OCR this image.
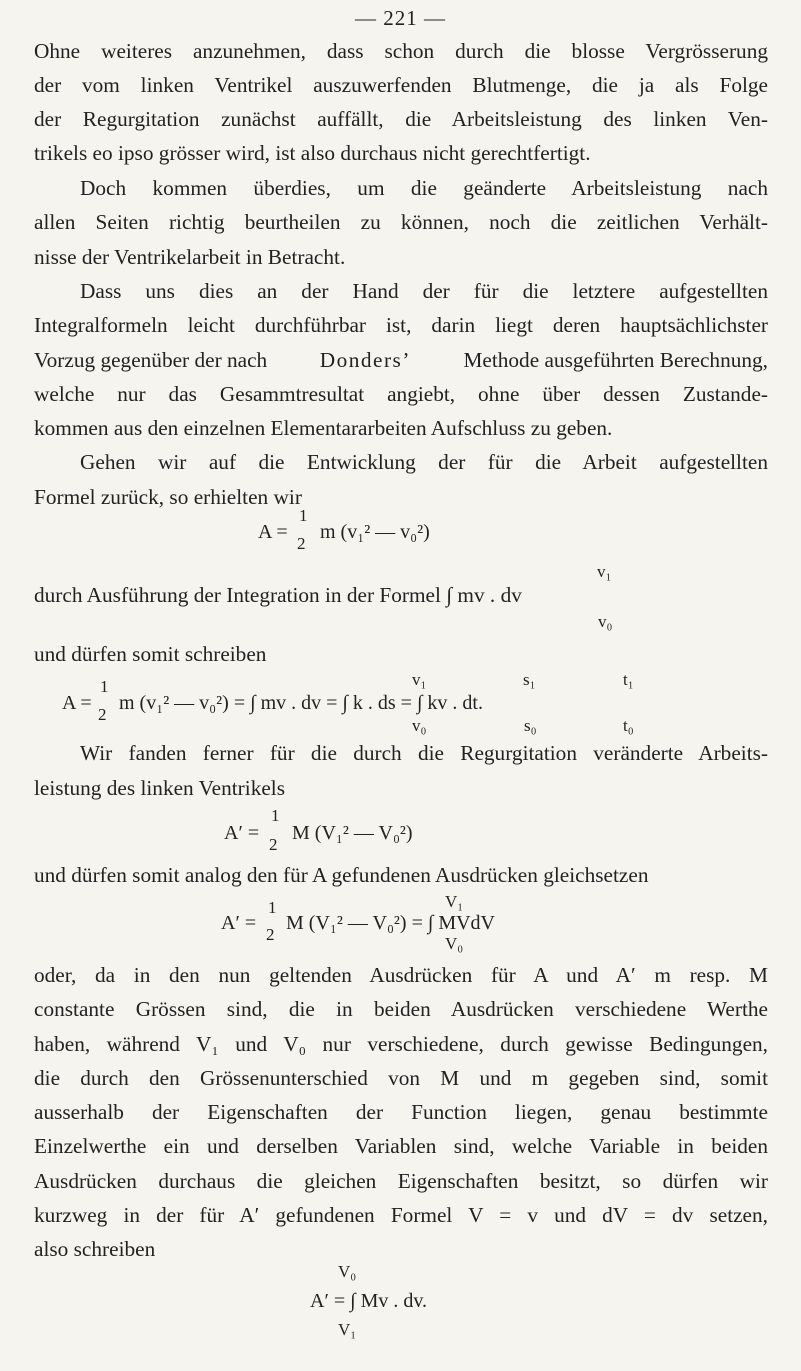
— 221 —
Ohne weiteres anzunehmen, dass schon durch die blosse Vergrösserung
der vom linken Ventrikel auszuwerfenden Blutmenge, die ja als Folge
der Regurgitation zunächst auffällt, die Arbeitsleistung des linken Ven-
trikels eo ipso grösser wird, ist also durchaus nicht gerechtfertigt.
Doch kommen überdies, um die geänderte Arbeitsleistung nach
allen Seiten richtig beurtheilen zu können, noch die zeitlichen Verhält-
nisse der Ventrikelarbeit in Betracht.
Dass uns dies an der Hand der für die letztere aufgestellten
Integralformeln leicht durchführbar ist, darin liegt deren hauptsächlichster
Vorzug gegenüber der nach Donders’ Methode ausgeführten Berechnung,
welche nur das Gesammtresultat angiebt, ohne über dessen Zustande-
kommen aus den einzelnen Elementararbeiten Aufschluss zu geben.
Gehen wir auf die Entwicklung der für die Arbeit aufgestellten
Formel zurück, so erhielten wir
A =
1
2
m (v₁² — v₀²)
v₁
durch Ausführung der Integration in der Formel ∫ mv . dv
v₀
und dürfen somit schreiben
v₁	s₁	t₁
A =
1
2
m (v₁² — v₀²) = ∫ mv . dv = ∫ k . ds = ∫ kv . dt.
v₀	s₀	t₀
Wir fanden ferner für die durch die Regurgitation veränderte Arbeits-
leistung des linken Ventrikels
A′ =
1
2
M (V₁² — V₀²)
und dürfen somit analog den für A gefundenen Ausdrücken gleichsetzen
V₁
A′ =
1
2
M (V₁² — V₀²) = ∫ MVdV
V₀
oder, da in den nun geltenden Ausdrücken für A und A′ m resp. M
constante Grössen sind, die in beiden Ausdrücken verschiedene Werthe
haben, während V₁ und V₀ nur verschiedene, durch gewisse Bedingungen,
die durch den Grössenunterschied von M und m gegeben sind, somit
ausserhalb der Eigenschaften der Function liegen, genau bestimmte
Einzelwerthe ein und derselben Variablen sind, welche Variable in beiden
Ausdrücken durchaus die gleichen Eigenschaften besitzt, so dürfen wir
kurzweg in der für A′ gefundenen Formel V = v und dV = dv setzen,
also schreiben
V₀
A′ = ∫ Mv . dv.
V₁
